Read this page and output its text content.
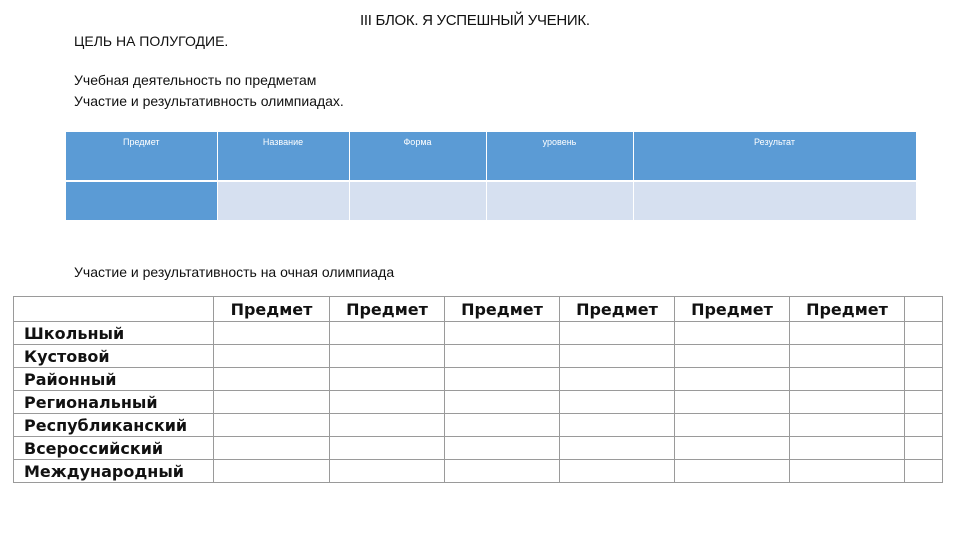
III БЛОК. Я УСПЕШНЫЙ УЧЕНИК.
ЦЕЛЬ НА ПОЛУГОДИЕ.
Учебная деятельность по предметам
Участие и результативность олимпиадах.
Предмет	Название	Форма	уровень	Результат

Участие и результативность на очная олимпиада
	Предмет	Предмет	Предмет	Предмет	Предмет	Предмет	
Школьный							
Кустовой							
Районный							
Региональный							
Республиканский							
Всероссийский							
Международный							
